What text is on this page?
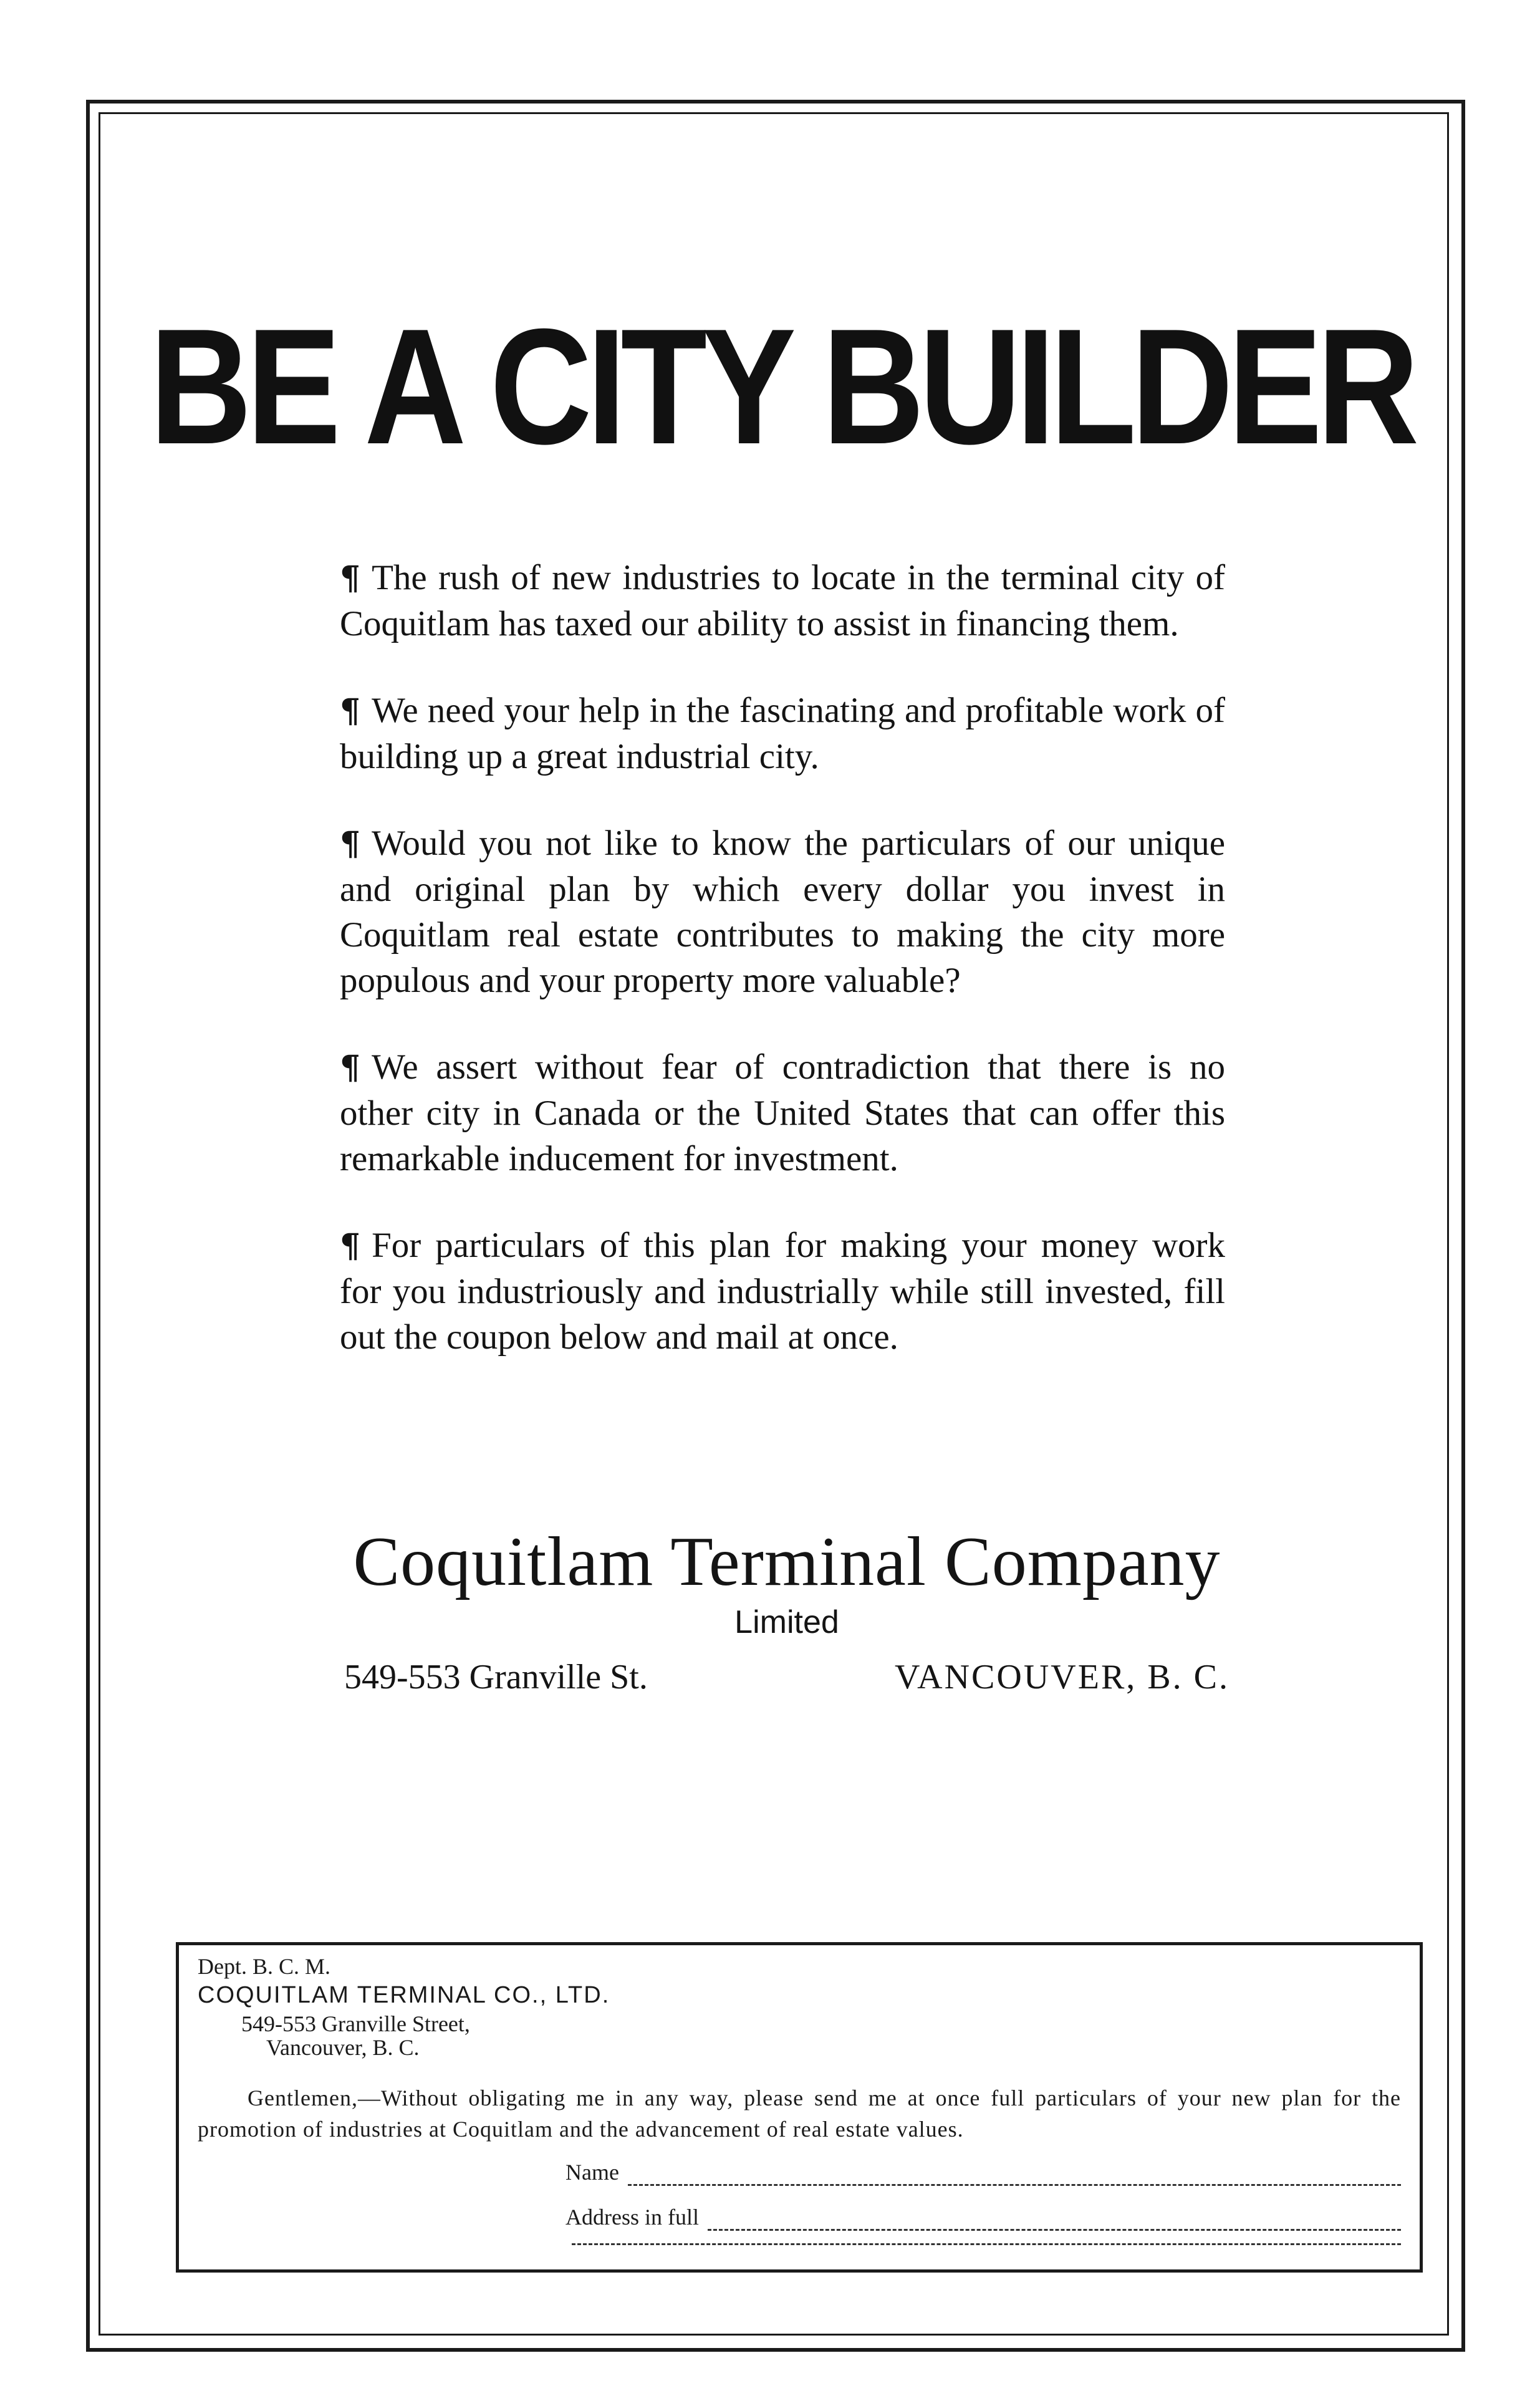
BE A CITY BUILDER

¶ The rush of new industries to locate in the terminal city of Coquitlam has taxed our ability to assist in financing them.

¶ We need your help in the fascinating and profitable work of building up a great industrial city.

¶ Would you not like to know the particulars of our unique and original plan by which every dollar you invest in Coquitlam real estate contributes to making the city more populous and your property more valuable?

¶ We assert without fear of contradiction that there is no other city in Canada or the United States that can offer this remarkable inducement for investment.

¶ For particulars of this plan for making your money work for you industriously and industrially while still invested, fill out the coupon below and mail at once.

Coquitlam Terminal Company
Limited
549-553 Granville St.	VANCOUVER, B. C.
Dept. B. C. M.
COQUITLAM TERMINAL CO., LTD.
549-553 Granville Street,
Vancouver, B. C.
Gentlemen,—Without obligating me in any way, please send me at once full particulars of your new plan for the promotion of industries at Coquitlam and the advancement of real estate values.
Name
Address in full
